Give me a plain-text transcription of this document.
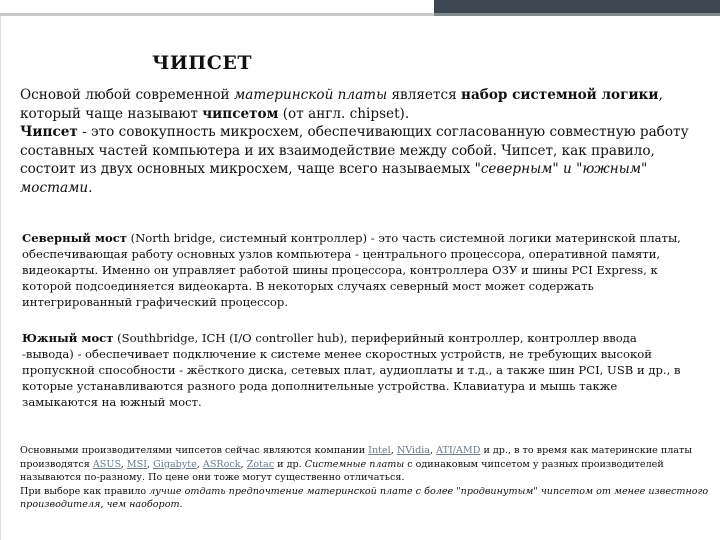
ЧИПСЕТ

Основой любой современной материнской платы является набор системной логики, который чаще называют чипсетом (от англ. chipset).

Чипсет - это совокупность микросхем, обеспечивающих согласованную совместную работу составных частей компьютера и их взаимодействие между собой. Чипсет, как правило, состоит из двух основных микросхем, чаще всего называемых "северным" и "южным" мостами.

Северный мост (North bridge, системный контроллер) - это часть системной логики материнской платы, обеспечивающая работу основных узлов компьютера - центрального процессора, оперативной памяти, видеокарты. Именно он управляет работой шины процессора, контроллера ОЗУ и шины PCI Express, к которой подсоединяется видеокарта. В некоторых случаях северный мост может содержать интегрированный графический процессор.

Южный мост (Southbridge, ICH (I/O controller hub), периферийный контроллер, контроллер ввода -вывода) - обеспечивает подключение к системе менее скоростных устройств, не требующих высокой пропускной способности - жёсткого диска, сетевых плат, аудиоплаты и т.д., а также шин PCI, USB и др., в которые устанавливаются разного рода дополнительные устройства. Клавиатура и мышь также замыкаются на южный мост.

Основными производителями чипсетов сейчас являются компании Intel, NVidia, ATI/AMD и др., в то время как материнские платы производятся ASUS, MSI, Gigabyte, ASRock, Zotac и др. Системные платы с одинаковым чипсетом у разных производителей называются по-разному. По цене они тоже могут существенно отличаться.

При выборе как правило лучше отдать предпочтение материнской плате с более "продвинутым" чипсетом от менее известного производителя, чем наоборот.
